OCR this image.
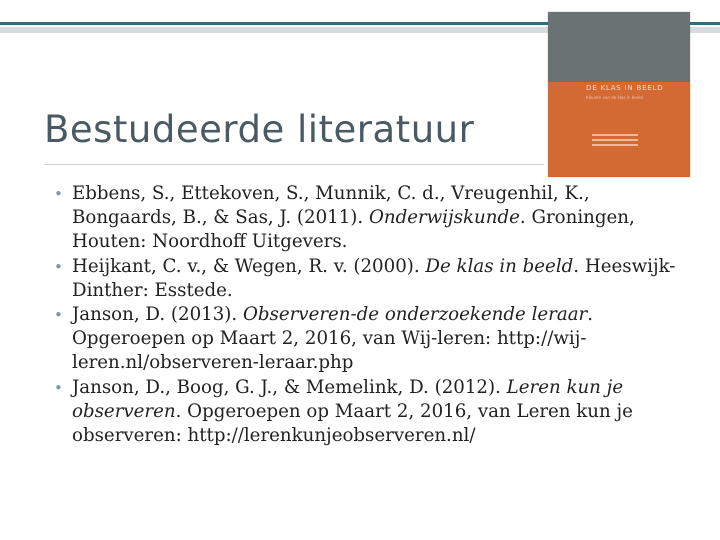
DE KLAS IN BEELD
Kleuren van de klas in beeld
Bestudeerde literatuur
• Ebbens, S., Ettekoven, S., Munnik, C. d., Vreugenhil, K., Bongaards, B., & Sas, J. (2011). Onderwijskunde. Groningen, Houten: Noordhoff Uitgevers.
• Heijkant, C. v., & Wegen, R. v. (2000). De klas in beeld. Heeswijk-Dinther: Esstede.
• Janson, D. (2013). Observeren-de onderzoekende leraar. Opgeroepen op Maart 2, 2016, van Wij-leren: http://wij-leren.nl/observeren-leraar.php
• Janson, D., Boog, G. J., & Memelink, D. (2012). Leren kun je observeren. Opgeroepen op Maart 2, 2016, van Leren kun je observeren: http://lerenkunjeobserveren.nl/
